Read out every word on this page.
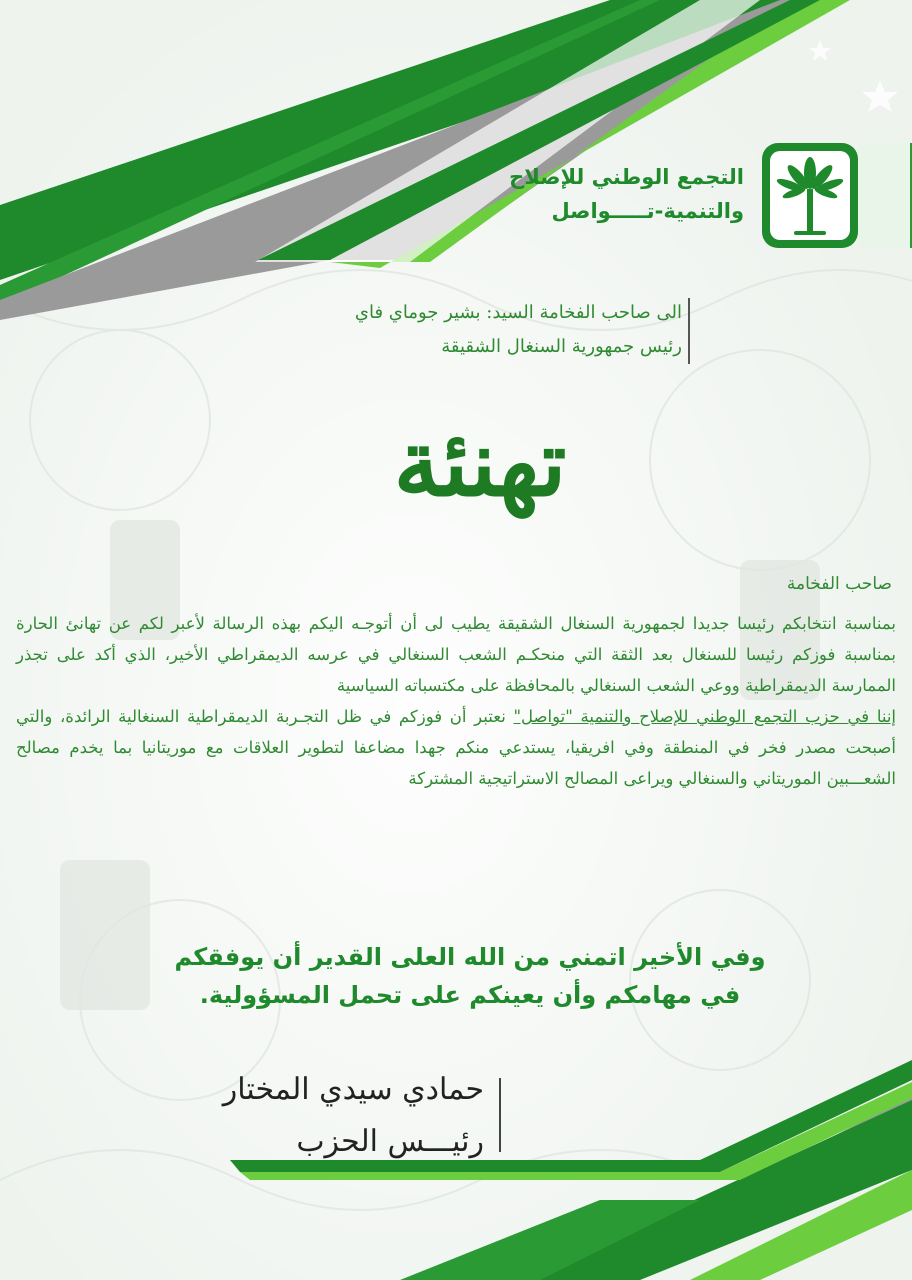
التجمع الوطني للإصلاح
والتنمية-تـــــواصل
الى صاحب الفخامة السيد: بشير جوماي فاي
رئيس جمهورية السنغال الشقيقة
تهنئة
صاحب الفخامة

بمناسبة انتخابكم رئيسا جديدا لجمهورية السنغال الشقيقة يطيب لى أن أتوجـه اليكم بهذه الرسالة لأعبر لكم عن تهانئ الحارة بمناسبة فوزكم رئيسا للسنغال بعد الثقة التي منحكـم الشعب السنغالي في عرسه الديمقراطي الأخير، الذي أكد على تجذر الممارسة الديمقراطية ووعي الشعب السنغالي بالمحافظة على مكتسباته السياسية

إننا في حزب التجمع الوطني للإصلاح والتنمية "تواصل" نعتبر أن فوزكم في ظل التجـربة الديمقراطية السنغالية الرائدة، والتي أصبحت مصدر فخر في المنطقة وفي افريقيا، يستدعي منكم جهدا مضاعفا لتطوير العلاقات مع موريتانيا بما يخدم مصالح الشعـــبين الموريتاني والسنغالي ويراعى المصالح الاستراتيجية المشتركة

وفي الأخير اتمني من الله العلى القدير أن يوفقكم
في مهامكم وأن يعينكم على تحمل المسؤولية.
حمادي سيدي المختار
رئيـــس الحزب
